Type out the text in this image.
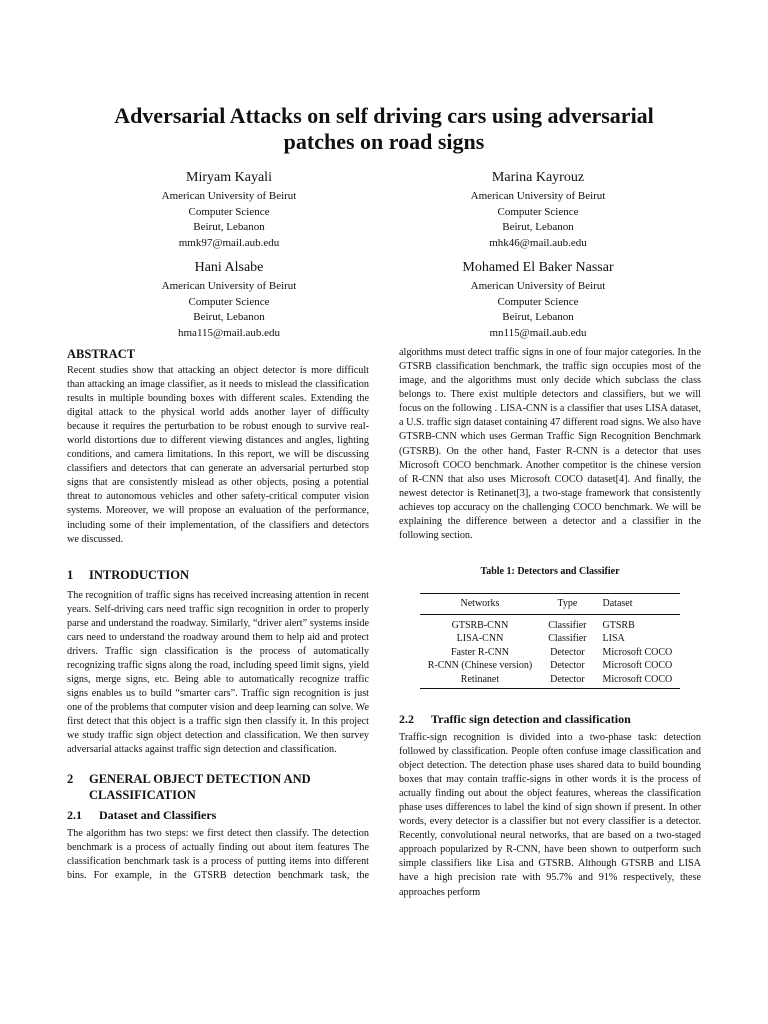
Adversarial Attacks on self driving cars using adversarial patches on road signs
Miryam Kayali
American University of Beirut
Computer Science
Beirut, Lebanon
mmk97@mail.aub.edu
Marina Kayrouz
American University of Beirut
Computer Science
Beirut, Lebanon
mhk46@mail.aub.edu
Hani Alsabe
American University of Beirut
Computer Science
Beirut, Lebanon
hma115@mail.aub.edu
Mohamed El Baker Nassar
American University of Beirut
Computer Science
Beirut, Lebanon
mn115@mail.aub.edu
ABSTRACT

Recent studies show that attacking an object detector is more difficult than attacking an image classifier, as it needs to mislead the classification results in multiple bounding boxes with different scales. Extending the digital attack to the physical world adds another layer of difficulty because it requires the perturbation to be robust enough to survive real-world distortions due to different viewing distances and angles, lighting conditions, and camera limitations. In this report, we will be discussing classifiers and detectors that can generate an adversarial perturbed stop signs that are consistently mislead as other objects, posing a potential threat to autonomous vehicles and other safety-critical computer vision systems. Moreover, we will propose an evaluation of the performance, including some of their implementation, of the classifiers and detectors we discussed.

1	INTRODUCTION

The recognition of traffic signs has received increasing attention in recent years. Self-driving cars need traffic sign recognition in order to properly parse and understand the roadway. Similarly, “driver alert” systems inside cars need to understand the roadway around them to help aid and protect drivers. Traffic sign classification is the process of automatically recognizing traffic signs along the road, including speed limit signs, yield signs, merge signs, etc. Being able to automatically recognize traffic signs enables us to build “smarter cars”. Traffic sign recognition is just one of the problems that computer vision and deep learning can solve. We first detect that this object is a traffic sign then classify it. In this project we study traffic sign object detection and classification. We then survey adversarial attacks against traffic sign detection and classification.

2	GENERAL OBJECT DETECTION AND CLASSIFICATION
2.1	Dataset and Classifiers

The algorithm has two steps: we first detect then classify. The detection benchmark is a process of actually finding out about item features The classification benchmark task is a process of putting items into different bins. For example, in the GTSRB detection benchmark task, the

algorithms must detect traffic signs in one of four major categories. In the GTSRB classification benchmark, the traffic sign occupies most of the image, and the algorithms must only decide which subclass the class belongs to. There exist multiple detectors and classifiers, but we will focus on the following . LISA-CNN is a classifier that uses LISA dataset, a U.S. traffic sign dataset containing 47 different road signs. We also have GTSRB-CNN which uses German Traffic Sign Recognition Benchmark (GTSRB). On the other hand, Faster R-CNN is a detector that uses Microsoft COCO benchmark. Another competitor is the chinese version of R-CNN that also uses Microsoft COCO dataset[4]. And finally, the newest detector is Retinanet[3], a two-stage framework that consistently achieves top accuracy on the challenging COCO benchmark. We will be explaining the difference between a detector and a classifier in the following section.

Table 1: Detectors and Classifier
Networks	Type	Dataset
GTSRB-CNN	Classifier	GTSRB
LISA-CNN	Classifier	LISA
Faster R-CNN	Detector	Microsoft COCO
R-CNN (Chinese version)	Detector	Microsoft COCO
Retinanet	Detector	Microsoft COCO
2.2	Traffic sign detection and classification

Traffic-sign recognition is divided into a two-phase task: detection followed by classification. People often confuse image classification and object detection. The detection phase uses shared data to build bounding boxes that may contain traffic-signs in other words it is the process of actually finding out about the object features, whereas the classification phase uses differences to label the kind of sign shown if present. In other words, every detector is a classifier but not every classifier is a detector. Recently, convolutional neural networks, that are based on a two-staged approach popularized by R-CNN, have been shown to outperform such simple classifiers like Lisa and GTSRB. Although GTSRB and LISA have a high precision rate with 95.7% and 91% respectively, these approaches perform
